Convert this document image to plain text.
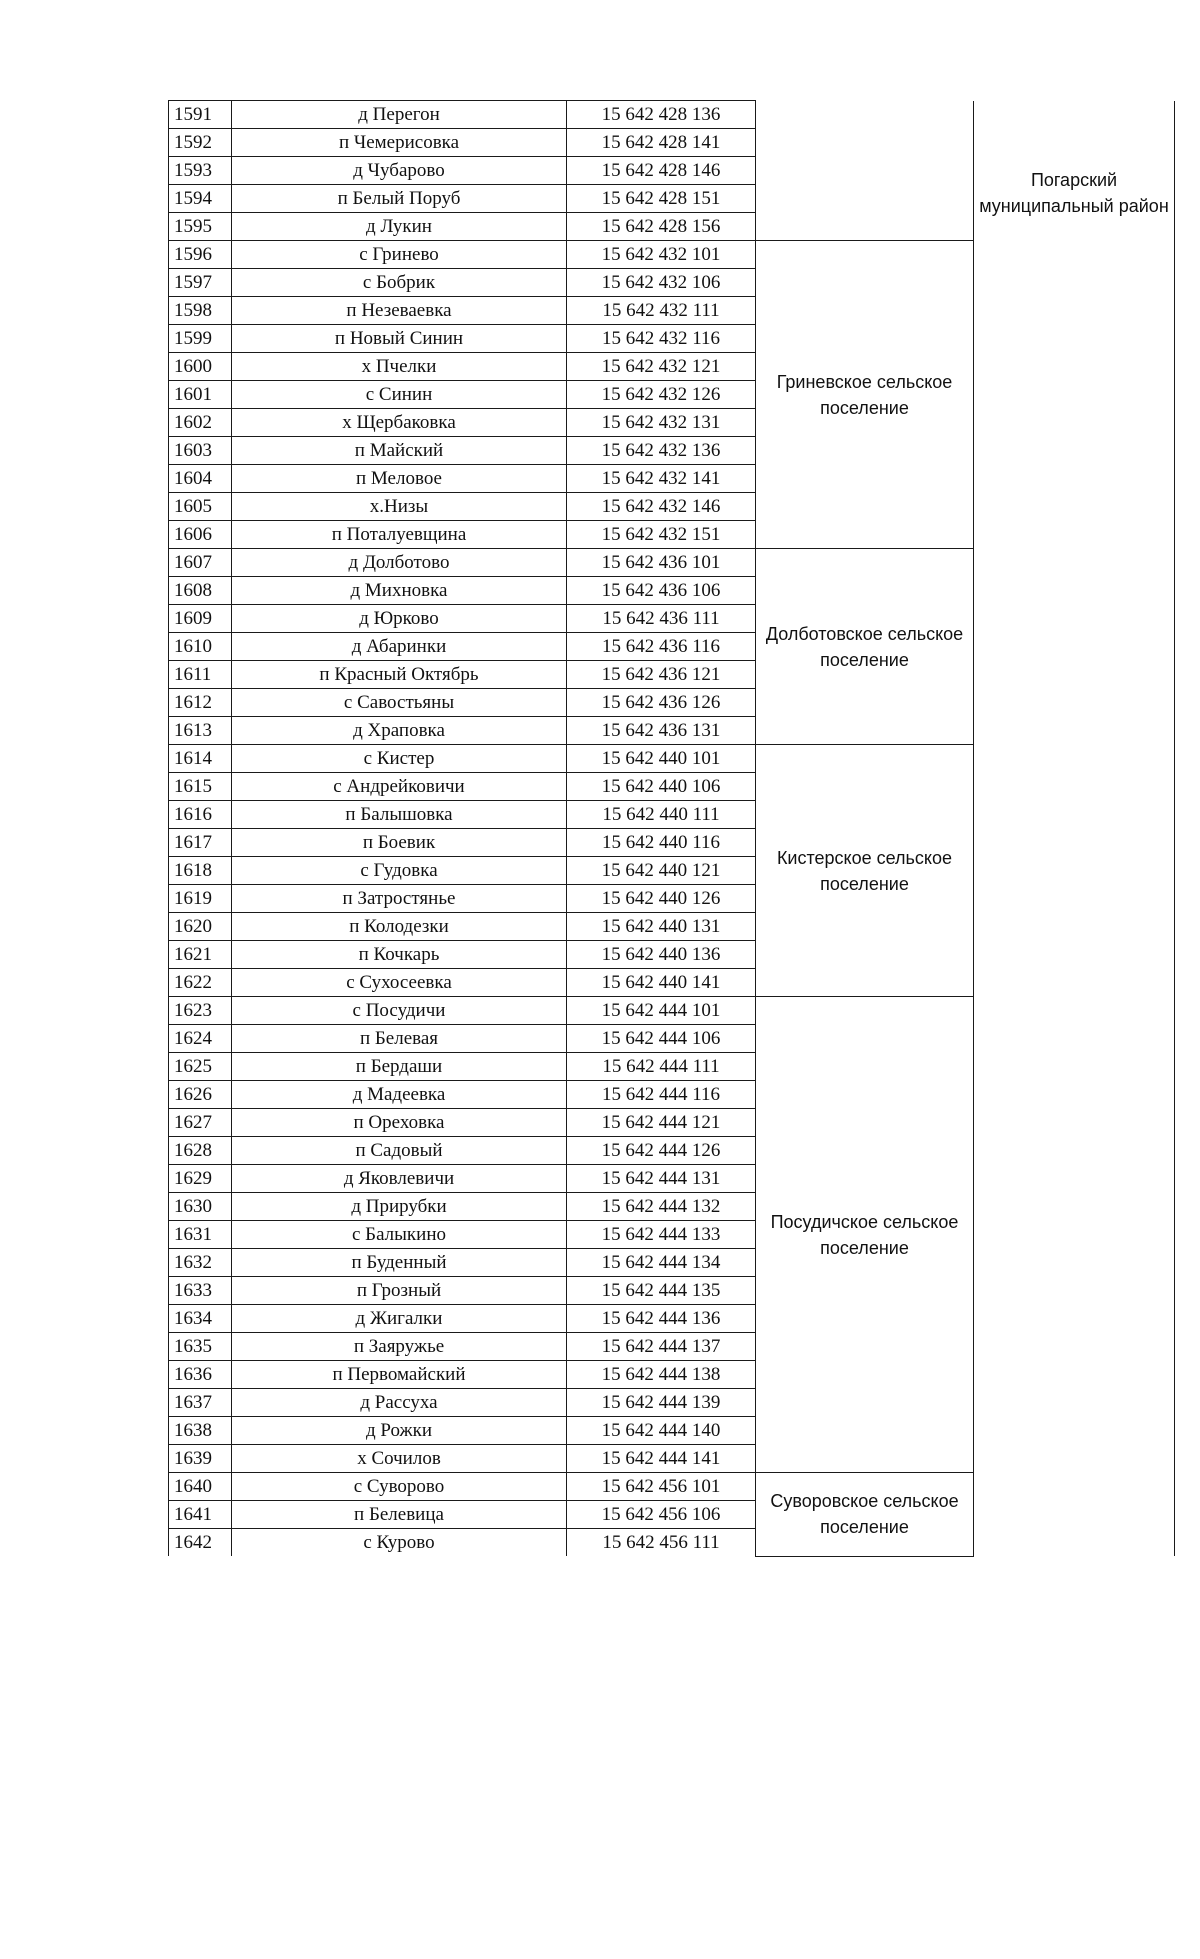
1591	д Перегон	15 642 428 136		Погарский муниципальный район
1592	п Чемерисовка	15 642 428 141		
1593	д Чубарово	15 642 428 146		
1594	п Белый Поруб	15 642 428 151		
1595	д Лукин	15 642 428 156		
1596	с Гринево	15 642 432 101	Гриневское сельское поселение	
1597	с Бобрик	15 642 432 106		
1598	п Незеваевка	15 642 432 111		
1599	п Новый Синин	15 642 432 116		
1600	х Пчелки	15 642 432 121		
1601	с Синин	15 642 432 126		
1602	х Щербаковка	15 642 432 131		
1603	п Майский	15 642 432 136		
1604	п Меловое	15 642 432 141		
1605	х.Низы	15 642 432 146		
1606	п Поталуевщина	15 642 432 151		
1607	д Долботово	15 642 436 101	Долботовское сельское поселение	
1608	д Михновка	15 642 436 106		
1609	д Юрково	15 642 436 111		
1610	д Абаринки	15 642 436 116		
1611	п Красный Октябрь	15 642 436 121		
1612	с Савостьяны	15 642 436 126		
1613	д Храповка	15 642 436 131		
1614	с Кистер	15 642 440 101	Кистерское сельское поселение	
1615	с Андрейковичи	15 642 440 106		
1616	п Балышовка	15 642 440 111		
1617	п Боевик	15 642 440 116		
1618	с Гудовка	15 642 440 121		
1619	п Затростянье	15 642 440 126		
1620	п Колодезки	15 642 440 131		
1621	п Кочкарь	15 642 440 136		
1622	с Сухосеевка	15 642 440 141		
1623	с Посудичи	15 642 444 101	Посудичское сельское поселение	
1624	п Белевая	15 642 444 106		
1625	п Бердаши	15 642 444 111		
1626	д Мадеевка	15 642 444 116		
1627	п Ореховка	15 642 444 121		
1628	п Садовый	15 642 444 126		
1629	д Яковлевичи	15 642 444 131		
1630	д Прирубки	15 642 444 132		
1631	с Балыкино	15 642 444 133		
1632	п Буденный	15 642 444 134		
1633	п Грозный	15 642 444 135		
1634	д Жигалки	15 642 444 136		
1635	п Заяружье	15 642 444 137		
1636	п Первомайский	15 642 444 138		
1637	д Рассуха	15 642 444 139		
1638	д Рожки	15 642 444 140		
1639	х Сочилов	15 642 444 141		
1640	с Суворово	15 642 456 101	Суворовское сельское поселение	
1641	п Белевица	15 642 456 106		
1642	с Курово	15 642 456 111		
